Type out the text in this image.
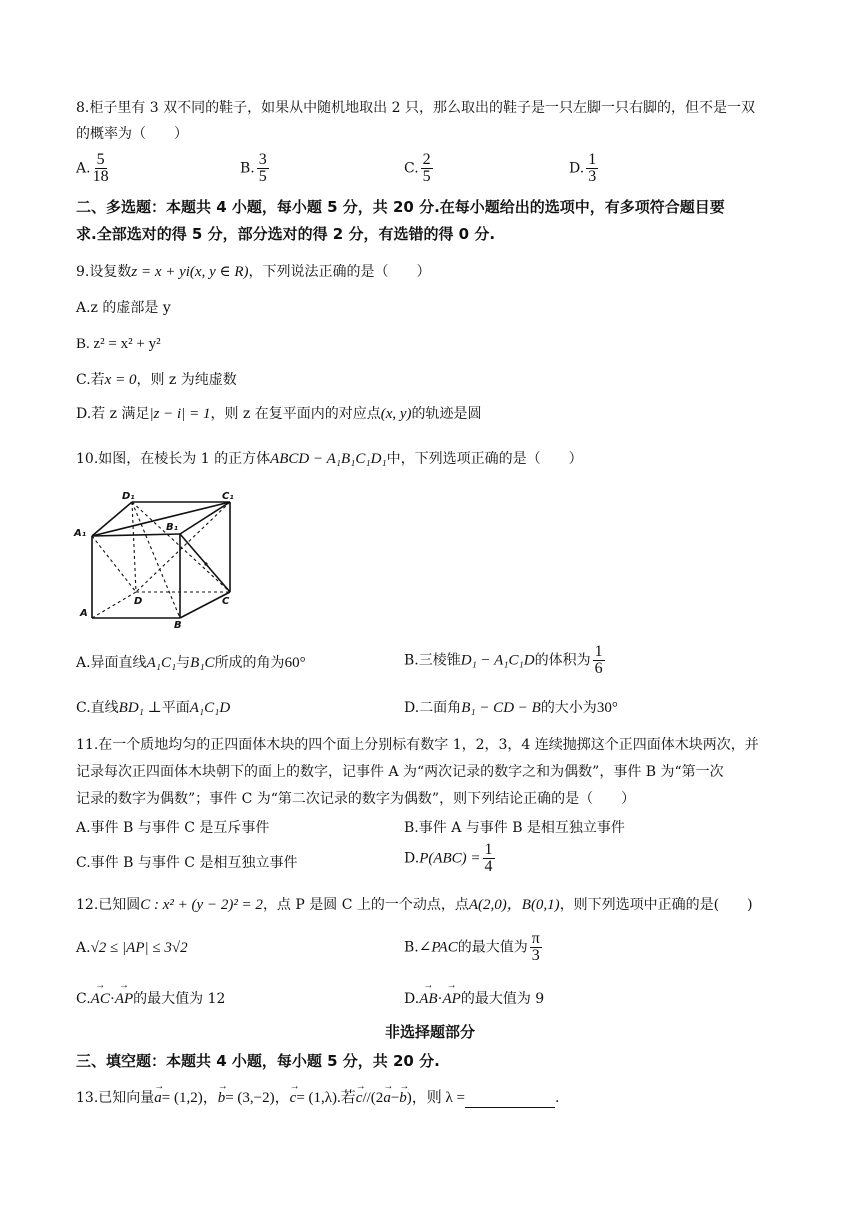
8.柜子里有 3 双不同的鞋子，如果从中随机地取出 2 只，那么取出的鞋子是一只左脚一只右脚的，但不是一双
的概率为（　　）
A. $\frac{5}{18}$	B. $\frac{3}{5}$	C. $\frac{2}{5}$	D. $\frac{1}{3}$
二、多选题：本题共 4 小题，每小题 5 分，共 20 分.在每小题给出的选项中，有多项符合题目要
求.全部选对的得 5 分，部分选对的得 2 分，有选错的得 0 分.
9.设复数z = x + yi(x, y ∈ R)，下列说法正确的是（　　）
A.z 的虚部是 y
B. z² = x² + y²
C.若x = 0，则 z 为纯虚数
D.若 z 满足|z − i| = 1，则 z 在复平面内的对应点(x, y)的轨迹是圆
10.如图，在棱长为 1 的正方体ABCD − A₁B₁C₁D₁中，下列选项正确的是（　　）
D₁	C₁
A₁
B₁
D	C
A
B
A.异面直线A₁C₁与B₁C所成的角为60°	B.三棱锥D₁ − A₁C₁D的体积为 $\frac{1}{6}$
C.直线BD₁ ⊥平面A₁C₁D	D.二面角B₁ − CD − B的大小为30°
11.在一个质地均匀的正四面体木块的四个面上分别标有数字 1，2，3，4 连续抛掷这个正四面体木块两次，并
记录每次正四面体木块朝下的面上的数字，记事件 A 为“两次记录的数字之和为偶数”，事件 B 为“第一次
记录的数字为偶数”；事件 C 为“第二次记录的数字为偶数”，则下列结论正确的是（　　）
A.事件 B 与事件 C 是互斥事件	B.事件 A 与事件 B 是相互独立事件
C.事件 B 与事件 C 是相互独立事件	$D.P(ABC) = \frac{1}{4}$
12.已知圆C : x² + (y − 2)² = 2，点 P 是圆 C 上的一个动点，点A(2,0)，B(0,1)，则下列选项中正确的是(　　)
A.√2 ≤ |AP| ≤ 3√2	B.∠PAC的最大值为 $\frac{\pi}{3}$
C.→ AC·→ AP的最大值为 12	D.→ AB·→ AP的最大值为 9
非选择题部分
三、填空题：本题共 4 小题，每小题 5 分，共 20 分.
13.已知向量→ a= (1,2)，→ b= (3,−2)，→ c= (1,λ).若→ c//(2→ a−→ b)，则 λ =	.
